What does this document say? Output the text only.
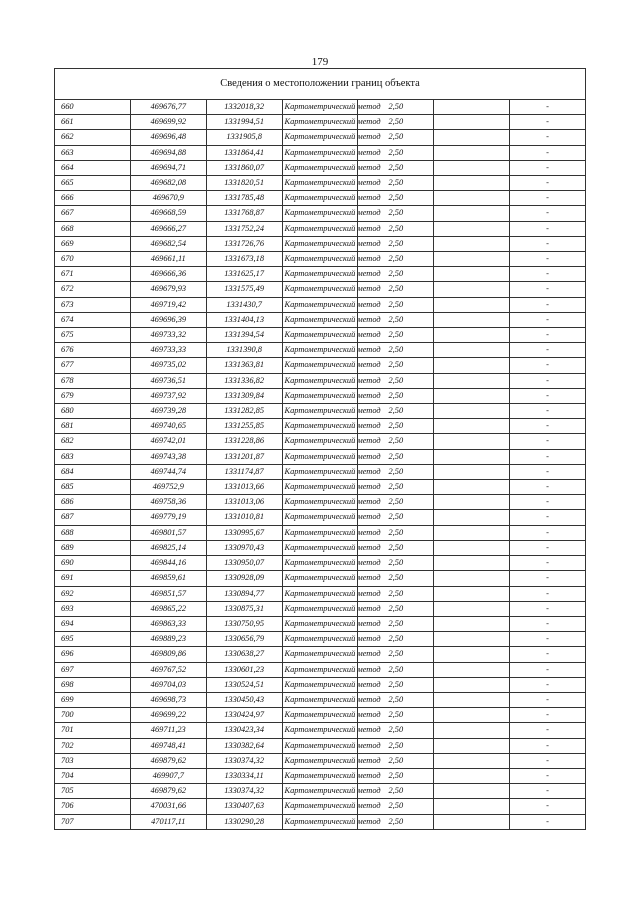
179
Сведения о местоположении границ объекта						
660	469676,77	1332018,32	Картометрический метод	2,50		-
661	469699,92	1331994,51	Картометрический метод	2,50		-
662	469696,48	1331905,8	Картометрический метод	2,50		-
663	469694,88	1331864,41	Картометрический метод	2,50		-
664	469694,71	1331860,07	Картометрический метод	2,50		-
665	469682,08	1331820,51	Картометрический метод	2,50		-
666	469670,9	1331785,48	Картометрический метод	2,50		-
667	469668,59	1331768,87	Картометрический метод	2,50		-
668	469666,27	1331752,24	Картометрический метод	2,50		-
669	469682,54	1331726,76	Картометрический метод	2,50		-
670	469661,11	1331673,18	Картометрический метод	2,50		-
671	469666,36	1331625,17	Картометрический метод	2,50		-
672	469679,93	1331575,49	Картометрический метод	2,50		-
673	469719,42	1331430,7	Картометрический метод	2,50		-
674	469696,39	1331404,13	Картометрический метод	2,50		-
675	469733,32	1331394,54	Картометрический метод	2,50		-
676	469733,33	1331390,8	Картометрический метод	2,50		-
677	469735,02	1331363,81	Картометрический метод	2,50		-
678	469736,51	1331336,82	Картометрический метод	2,50		-
679	469737,92	1331309,84	Картометрический метод	2,50		-
680	469739,28	1331282,85	Картометрический метод	2,50		-
681	469740,65	1331255,85	Картометрический метод	2,50		-
682	469742,01	1331228,86	Картометрический метод	2,50		-
683	469743,38	1331201,87	Картометрический метод	2,50		-
684	469744,74	1331174,87	Картометрический метод	2,50		-
685	469752,9	1331013,66	Картометрический метод	2,50		-
686	469758,36	1331013,06	Картометрический метод	2,50		-
687	469779,19	1331010,81	Картометрический метод	2,50		-
688	469801,57	1330995,67	Картометрический метод	2,50		-
689	469825,14	1330970,43	Картометрический метод	2,50		-
690	469844,16	1330950,07	Картометрический метод	2,50		-
691	469859,61	1330928,09	Картометрический метод	2,50		-
692	469851,57	1330894,77	Картометрический метод	2,50		-
693	469865,22	1330875,31	Картометрический метод	2,50		-
694	469863,33	1330750,95	Картометрический метод	2,50		-
695	469889,23	1330656,79	Картометрический метод	2,50		-
696	469809,86	1330638,27	Картометрический метод	2,50		-
697	469767,52	1330601,23	Картометрический метод	2,50		-
698	469704,03	1330524,51	Картометрический метод	2,50		-
699	469698,73	1330450,43	Картометрический метод	2,50		-
700	469699,22	1330424,97	Картометрический метод	2,50		-
701	469711,23	1330423,34	Картометрический метод	2,50		-
702	469748,41	1330382,64	Картометрический метод	2,50		-
703	469879,62	1330374,32	Картометрический метод	2,50		-
704	469907,7	1330334,11	Картометрический метод	2,50		-
705	469879,62	1330374,32	Картометрический метод	2,50		-
706	470031,66	1330407,63	Картометрический метод	2,50		-
707	470117,11	1330290,28	Картометрический метод	2,50		-
